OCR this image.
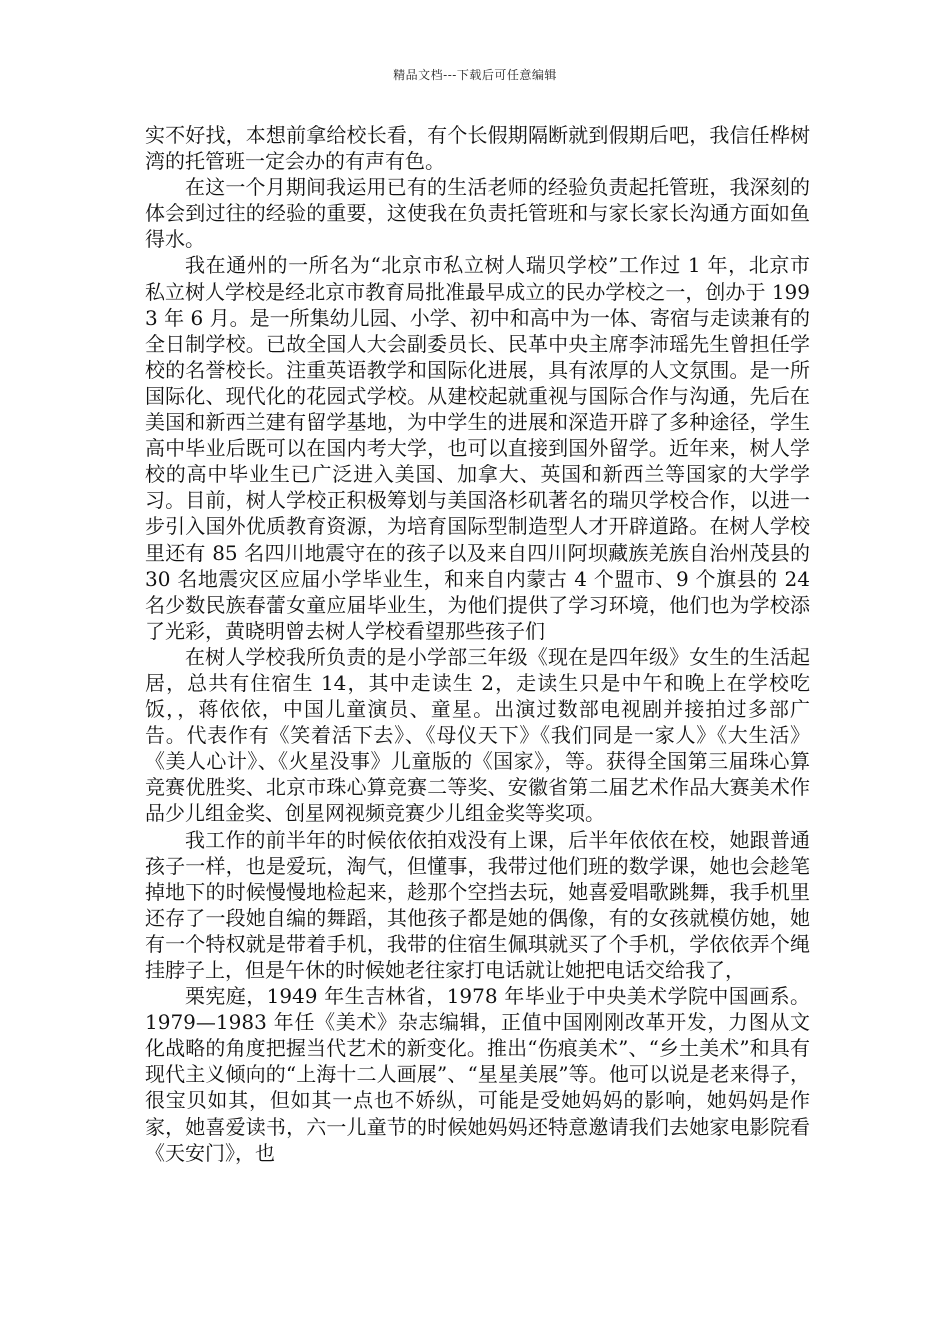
精品文档---下载后可任意编辑

实不好找，本想前拿给校长看，有个长假期隔断就到假期后吧，我信任桦树湾的托管班一定会办的有声有色。

在这一个月期间我运用已有的生活老师的经验负责起托管班，我深刻的体会到过往的经验的重要，这使我在负责托管班和与家长家长沟通方面如鱼得水。

我在通州的一所名为“北京市私立树人瑞贝学校”工作过 1 年，北京市私立树人学校是经北京市教育局批准最早成立的民办学校之一，创办于 1993 年 6 月。是一所集幼儿园、小学、初中和高中为一体、寄宿与走读兼有的全日制学校。已故全国人大会副委员长、民革中央主席李沛瑶先生曾担任学校的名誉校长。注重英语教学和国际化进展，具有浓厚的人文氛围。是一所国际化、现代化的花园式学校。从建校起就重视与国际合作与沟通，先后在美国和新西兰建有留学基地，为中学生的进展和深造开辟了多种途径，学生高中毕业后既可以在国内考大学，也可以直接到国外留学。近年来，树人学校的高中毕业生已广泛进入美国、加拿大、英国和新西兰等国家的大学学习。目前，树人学校正积极筹划与美国洛杉矶著名的瑞贝学校合作，以进一步引入国外优质教育资源，为培育国际型制造型人才开辟道路。在树人学校里还有 85 名四川地震守在的孩子以及来自四川阿坝藏族羌族自治州茂县的 30 名地震灾区应届小学毕业生，和来自内蒙古 4 个盟市、9 个旗县的 24 名少数民族春蕾女童应届毕业生，为他们提供了学习环境，他们也为学校添了光彩，黄晓明曾去树人学校看望那些孩子们

在树人学校我所负责的是小学部三年级《现在是四年级》女生的生活起居，总共有住宿生 14，其中走读生 2，走读生只是中午和晚上在学校吃饭，，蒋依依，中国儿童演员、童星。出演过数部电视剧并接拍过多部广告。代表作有《笑着活下去》、《母仪天下》《我们同是一家人》《大生活》《美人心计》、《火星没事》儿童版的《国家》，等。获得全国第三届珠心算竞赛优胜奖、北京市珠心算竞赛二等奖、安徽省第二届艺术作品大赛美术作品少儿组金奖、创星网视频竞赛少儿组金奖等奖项。

我工作的前半年的时候依依拍戏没有上课，后半年依依在校，她跟普通孩子一样，也是爱玩，淘气，但懂事，我带过他们班的数学课，她也会趁笔掉地下的时候慢慢地检起来，趁那个空挡去玩，她喜爱唱歌跳舞，我手机里还存了一段她自编的舞蹈，其他孩子都是她的偶像，有的女孩就模仿她，她有一个特权就是带着手机，我带的住宿生佩琪就买了个手机，学依依弄个绳挂脖子上，但是午休的时候她老往家打电话就让她把电话交给我了，

栗宪庭，1949 年生吉林省，1978 年毕业于中央美术学院中国画系。1979—1983 年任《美术》杂志编辑，正值中国刚刚改革开发，力图从文化战略的角度把握当代艺术的新变化。推出“伤痕美术”、“乡土美术”和具有现代主义倾向的“上海十二人画展”、“星星美展”等。他可以说是老来得子，很宝贝如其，但如其一点也不娇纵，可能是受她妈妈的影响，她妈妈是作家，她喜爱读书，六一儿童节的时候她妈妈还特意邀请我们去她家电影院看《天安门》，也
